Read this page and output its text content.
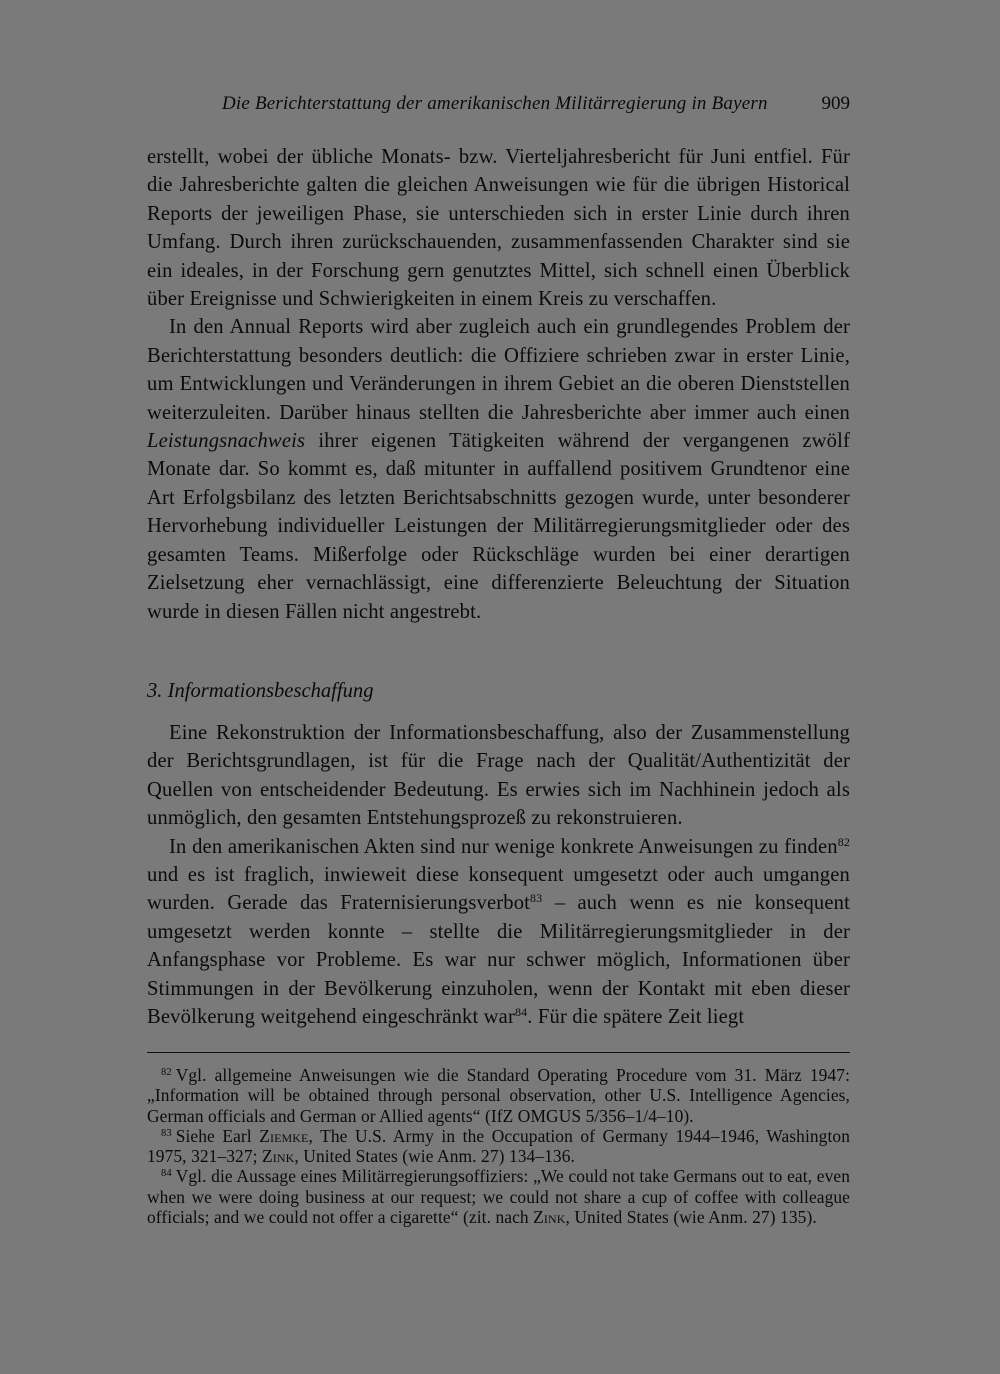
Die Berichterstattung der amerikanischen Militärregierung in Bayern	909

erstellt, wobei der übliche Monats- bzw. Vierteljahresbericht für Juni entfiel. Für die Jahresberichte galten die gleichen Anweisungen wie für die übrigen Historical Reports der jeweiligen Phase, sie unterschieden sich in erster Linie durch ihren Umfang. Durch ihren zurückschauenden, zusammenfassenden Charakter sind sie ein ideales, in der Forschung gern genutztes Mittel, sich schnell einen Überblick über Ereignisse und Schwierigkeiten in einem Kreis zu verschaffen.

In den Annual Reports wird aber zugleich auch ein grundlegendes Problem der Berichterstattung besonders deutlich: die Offiziere schrieben zwar in erster Linie, um Entwicklungen und Veränderungen in ihrem Gebiet an die oberen Dienststellen weiterzuleiten. Darüber hinaus stellten die Jahresberichte aber immer auch einen Leistungsnachweis ihrer eigenen Tätigkeiten während der vergangenen zwölf Monate dar. So kommt es, daß mitunter in auffallend positivem Grundtenor eine Art Erfolgsbilanz des letzten Berichtsabschnitts gezogen wurde, unter besonderer Hervorhebung individueller Leistungen der Militärregierungsmitglieder oder des gesamten Teams. Mißerfolge oder Rückschläge wurden bei einer derartigen Zielsetzung eher vernachlässigt, eine differenzierte Beleuchtung der Situation wurde in diesen Fällen nicht angestrebt.

3. Informationsbeschaffung

Eine Rekonstruktion der Informationsbeschaffung, also der Zusammenstellung der Berichtsgrundlagen, ist für die Frage nach der Qualität/Authentizität der Quellen von entscheidender Bedeutung. Es erwies sich im Nachhinein jedoch als unmöglich, den gesamten Entstehungsprozeß zu rekonstruieren.

In den amerikanischen Akten sind nur wenige konkrete Anweisungen zu finden$^{82}$ und es ist fraglich, inwieweit diese konsequent umgesetzt oder auch umgangen wurden. Gerade das Fraternisierungsverbot$^{83}$ – auch wenn es nie konsequent umgesetzt werden konnte – stellte die Militärregierungsmitglieder in der Anfangsphase vor Probleme. Es war nur schwer möglich, Informationen über Stimmungen in der Bevölkerung einzuholen, wenn der Kontakt mit eben dieser Bevölkerung weitgehend eingeschränkt war$^{84}$. Für die spätere Zeit liegt

$^{82}$ Vgl. allgemeine Anweisungen wie die Standard Operating Procedure vom 31. März 1947: „Information will be obtained through personal observation, other U.S. Intelligence Agencies, German officials and German or Allied agents“ (IfZ OMGUS 5/356–1/4–10).

$^{83}$ Siehe Earl Ziemke, The U.S. Army in the Occupation of Germany 1944–1946, Washington 1975, 321–327; Zink, United States (wie Anm. 27) 134–136.

$^{84}$ Vgl. die Aussage eines Militärregierungsoffiziers: „We could not take Germans out to eat, even when we were doing business at our request; we could not share a cup of coffee with colleague officials; and we could not offer a cigarette“ (zit. nach Zink, United States (wie Anm. 27) 135).
